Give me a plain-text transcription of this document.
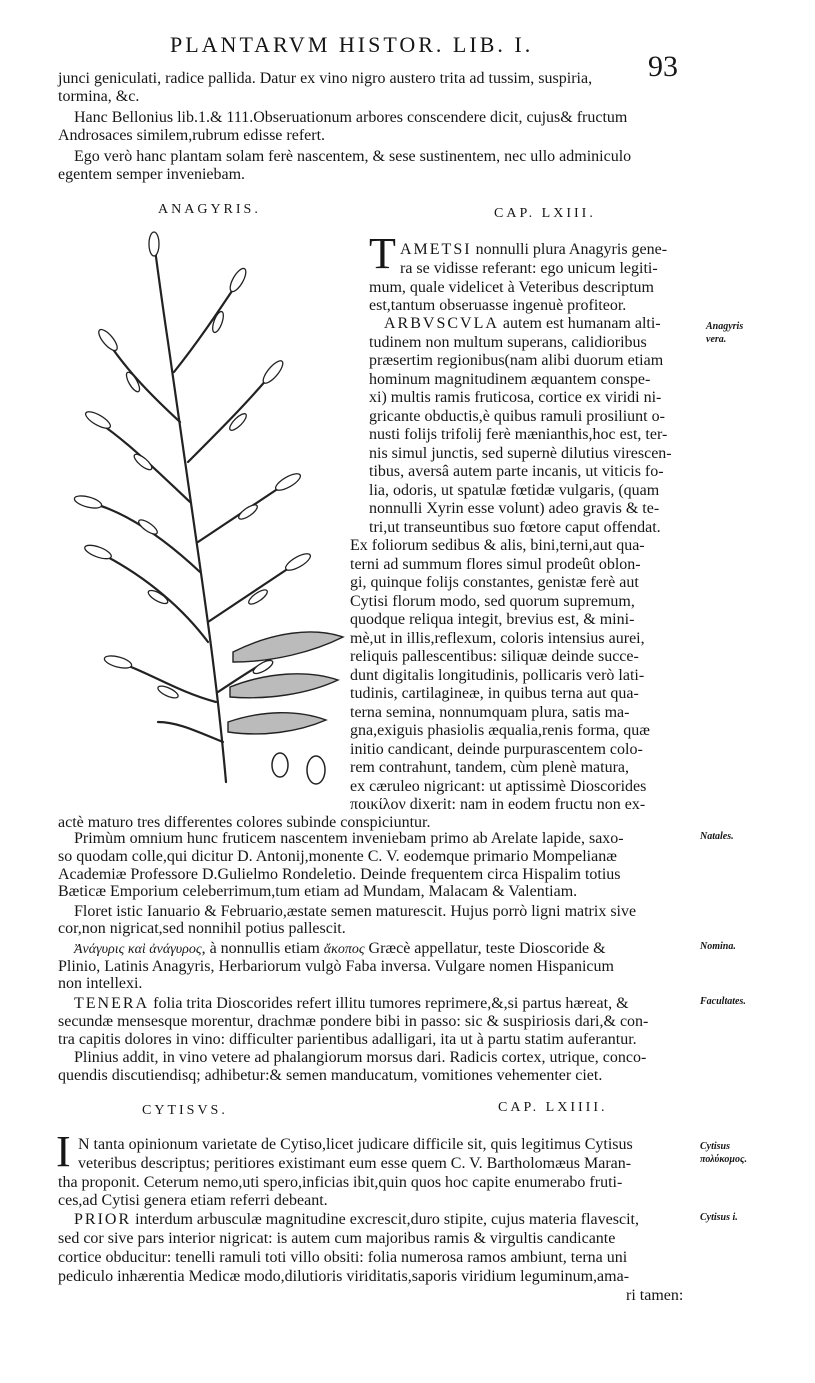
PLANTARVM HISTOR. LIB. I.
93
junci geniculati, radice pallida. Datur ex vino nigro austero trita ad tussim, suspiria,
tormina, &c.
Hanc Bellonius lib.1.& 111.Obseruationum arbores conscendere dicit, cujus& fructum
Androsaces similem,rubrum edisse refert.
Ego verò hanc plantam solam ferè nascentem, & sese sustinentem, nec ullo adminiculo
egentem semper inveniebam.
ANAGYRIS.	CAP. LXIII.
T AMETSI nonnulli plura Anagyris gene-
ra se vidisse referant: ego unicum legiti-
mum, quale videlicet à Veteribus descriptum
est,tantum obseruasse ingenuè profiteor.
ARBVSCVLA autem est humanam alti-
tudinem non multum superans, calidioribus
præsertim regionibus(nam alibi duorum etiam
hominum magnitudinem æquantem conspe-
xi) multis ramis fruticosa, cortice ex viridi ni-
gricante obductis,è quibus ramuli prosiliunt o-
nusti folijs trifolij ferè mænianthis,hoc est, ter-
nis simul junctis, sed supernè dilutius virescen-
tibus, aversâ autem parte incanis, ut viticis fo-
lia, odoris, ut spatulæ fœtidæ vulgaris, (quam
nonnulli Xyrin esse volunt) adeo gravis & te-
tri,ut transeuntibus suo fœtore caput offendat.
Ex foliorum sedibus & alis, bini,terni,aut qua-
terni ad summum flores simul prodeût oblon-
gi, quinque folijs constantes, genistæ ferè aut
Cytisi florum modo, sed quorum supremum,
quodque reliqua integit, brevius est, & mini-
mè,ut in illis,reflexum, coloris intensius aurei,
reliquis pallescentibus: siliquæ deinde succe-
dunt digitalis longitudinis, pollicaris verò lati-
tudinis, cartilagineæ, in quibus terna aut qua-
terna semina, nonnumquam plura, satis ma-
gna,exiguis phasiolis æqualia,renis forma, quæ
initio candicant, deinde purpurascentem colo-
rem contrahunt, tandem, cùm plenè matura,
ex cæruleo nigricant: ut aptissimè Dioscorides
ποικίλον dixerit: nam in eodem fructu non ex-
actè maturo tres differentes colores subinde conspiciuntur.
Primùm omnium hunc fruticem nascentem inveniebam primo ab Arelate lapide, saxo-
so quodam colle,qui dicitur D. Antonij,monente C. V. eodemque primario Mompelianæ
Academiæ Professore D.Gulielmo Rondeletio. Deinde frequentem circa Hispalim totius
Bæticæ Emporium celeberrimum,tum etiam ad Mundam, Malacam & Valentiam.
Floret istic Ianuario & Februario,æstate semen maturescit. Hujus porrò ligni matrix sive
cor,non nigricat,sed nonnihil potius pallescit.
Ἀνάγυρις καὶ ἀνάγυρος, à nonnullis etiam ἄκοπος Græcè appellatur, teste Dioscoride &
Plinio, Latinis Anagyris, Herbariorum vulgò Faba inversa. Vulgare nomen Hispanicum
non intellexi.
TENERA folia trita Dioscorides refert illitu tumores reprimere,&,si partus hæreat, &
secundæ mensesque morentur, drachmæ pondere bibi in passo: sic & suspiriosis dari,& con-
tra capitis dolores in vino: difficulter parientibus adalligari, ita ut à partu statim auferantur.
Plinius addit, in vino vetere ad phalangiorum morsus dari. Radicis cortex, utrique, conco-
quendis discutiendisq; adhibetur:& semen manducatum, vomitiones vehementer ciet.
CYTISVS.	CAP. LXIIII.
I N tanta opinionum varietate de Cytiso,licet judicare difficile sit, quis legitimus Cytisus
veteribus descriptus; peritiores existimant eum esse quem C. V. Bartholomæus Maran-
tha proponit. Ceterum nemo,uti spero,inficias ibit,quin quos hoc capite enumerabo fruti-
ces,ad Cytisi genera etiam referri debeant.
PRIOR interdum arbusculæ magnitudine excrescit,duro stipite, cujus materia flavescit,
sed cor sive pars interior nigricat: is autem cum majoribus ramis & virgultis candicante
cortice obducitur: tenelli ramuli toti villo obsiti: folia numerosa ramos ambiunt, terna uni
pediculo inhærentia Medicæ modo,dilutioris viriditatis,saporis viridium leguminum,ama-
ri tamen:
Anagyris
vera.
Natales.
Nomina.
Facultates.
Cytisus
πολύκομος.
Cytisus i.
